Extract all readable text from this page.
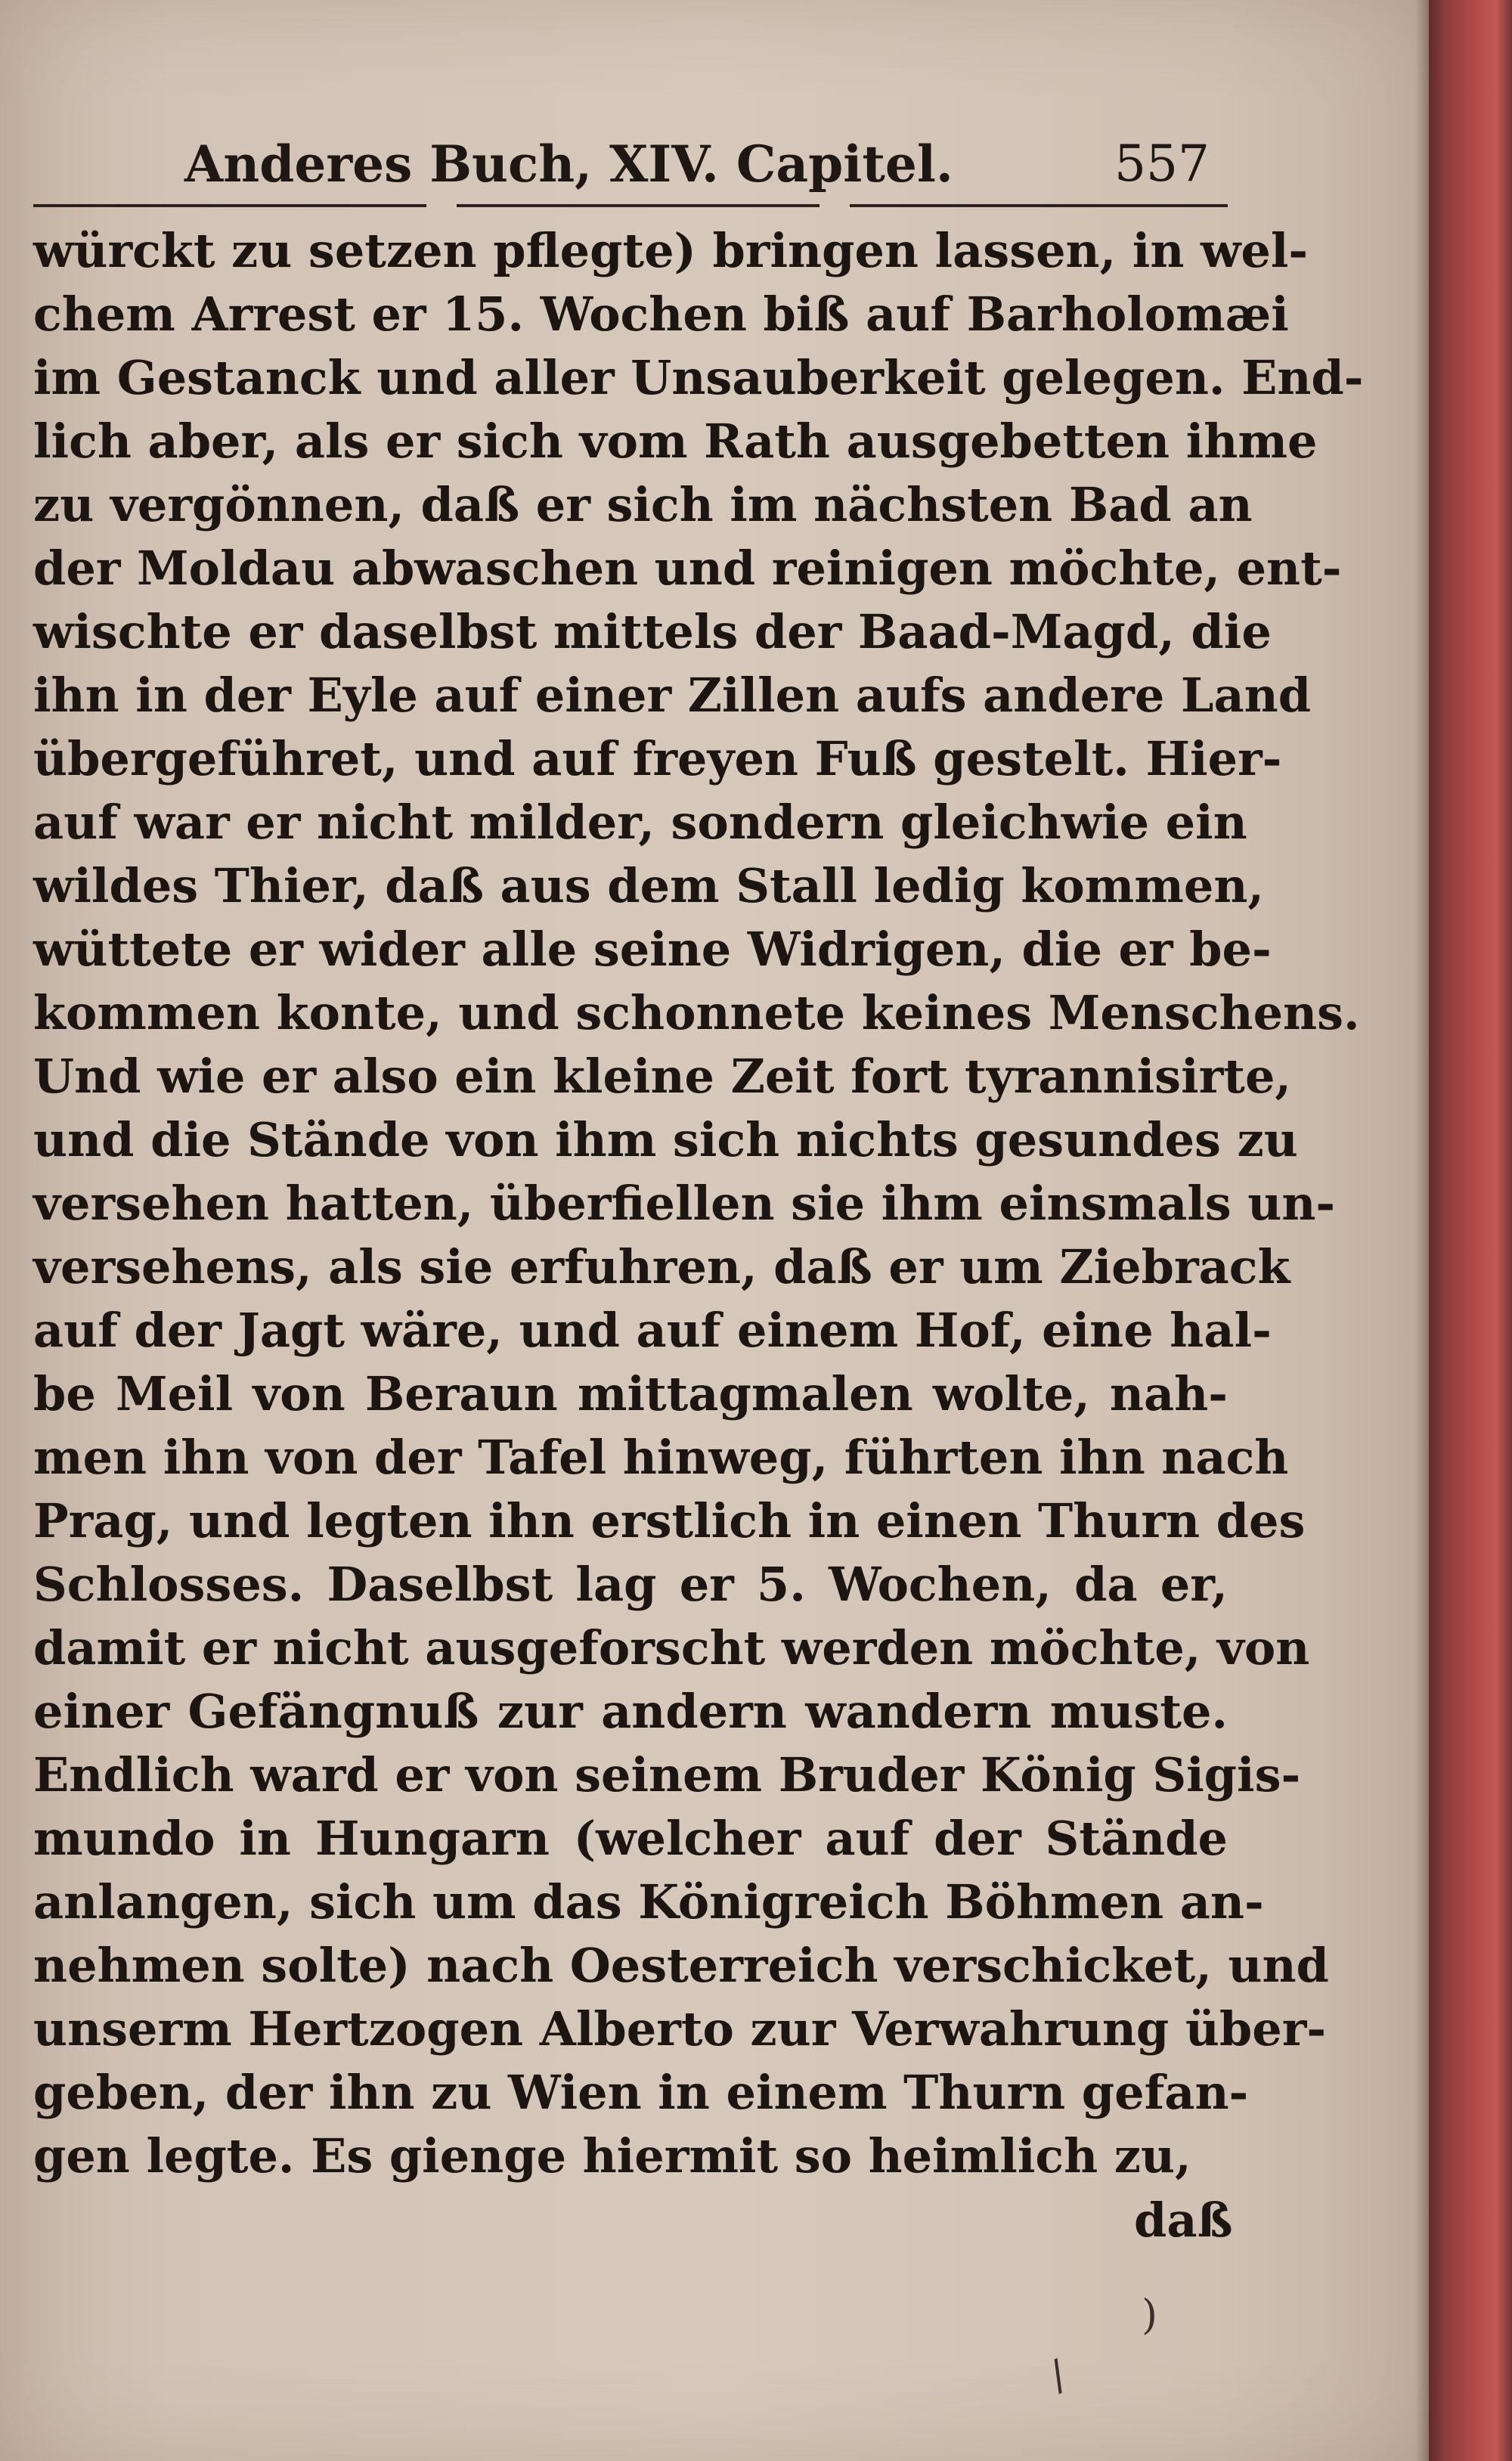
Anderes Buch, XIV. Capitel.	557
würckt zu setzen pflegte) bringen lassen, in wel-
chem Arrest er 15. Wochen biß auf Barholomæi
im Gestanck und aller Unsauberkeit gelegen. End-
lich aber, als er sich vom Rath ausgebetten ihme
zu vergönnen, daß er sich im nächsten Bad an
der Moldau abwaschen und reinigen möchte, ent-
wischte er daselbst mittels der Baad-Magd, die
ihn in der Eyle auf einer Zillen aufs andere Land
übergeführet, und auf freyen Fuß gestelt. Hier-
auf war er nicht milder, sondern gleichwie ein
wildes Thier, daß aus dem Stall ledig kommen,
wüttete er wider alle seine Widrigen, die er be-
kommen konte, und schonnete keines Menschens.
Und wie er also ein kleine Zeit fort tyrannisirte,
und die Stände von ihm sich nichts gesundes zu
versehen hatten, überfiellen sie ihm einsmals un-
versehens, als sie erfuhren, daß er um Ziebrack
auf der Jagt wäre, und auf einem Hof, eine hal-
be Meil von Beraun mittagmalen wolte, nah-
men ihn von der Tafel hinweg, führten ihn nach
Prag, und legten ihn erstlich in einen Thurn des
Schlosses. Daselbst lag er 5. Wochen, da er,
damit er nicht ausgeforscht werden möchte, von
einer Gefängnuß zur andern wandern muste.
Endlich ward er von seinem Bruder König Sigis-
mundo in Hungarn (welcher auf der Stände
anlangen, sich um das Königreich Böhmen an-
nehmen solte) nach Oesterreich verschicket, und
unserm Hertzogen Alberto zur Verwahrung über-
geben, der ihn zu Wien in einem Thurn gefan-
gen legte. Es gienge hiermit so heimlich zu,
daß
)
/
